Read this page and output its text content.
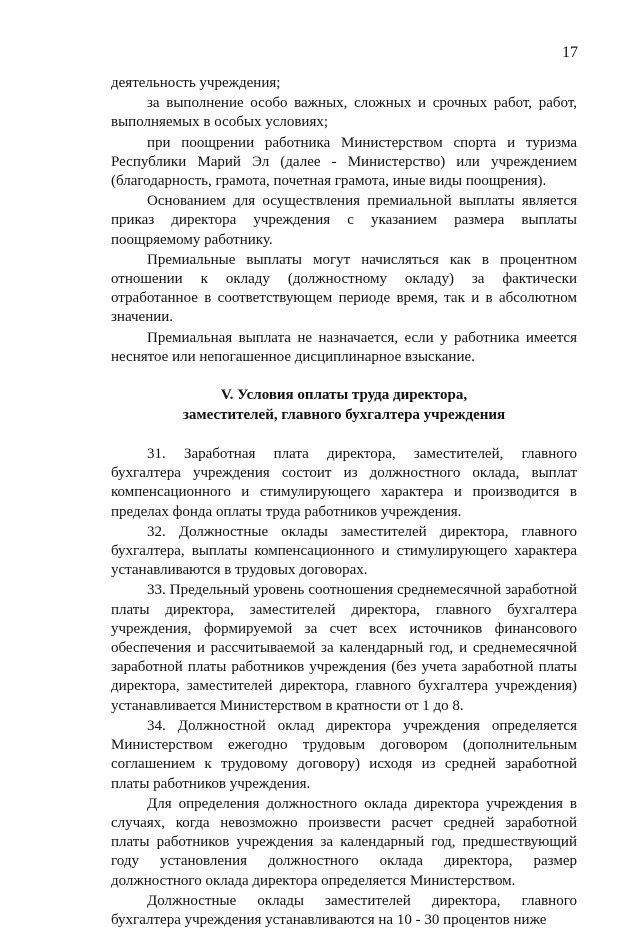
17

деятельность учреждения;

за выполнение особо важных, сложных и срочных работ, работ, выполняемых в особых условиях;

при поощрении работника Министерством спорта и туризма Республики Марий Эл (далее - Министерство) или учреждением (благодарность, грамота, почетная грамота, иные виды поощрения).

Основанием для осуществления премиальной выплаты является приказ директора учреждения с указанием размера выплаты поощряемому работнику.

Премиальные выплаты могут начисляться как в процентном отношении к окладу (должностному окладу) за фактически отработанное в соответствующем периоде время, так и в абсолютном значении.

Премиальная выплата не назначается, если у работника имеется неснятое или непогашенное дисциплинарное взыскание.

V. Условия оплаты труда директора,
заместителей, главного бухгалтера учреждения

31. Заработная плата директора, заместителей, главного бухгалтера учреждения состоит из должностного оклада, выплат компенсационного и стимулирующего характера и производится в пределах фонда оплаты труда работников учреждения.

32. Должностные оклады заместителей директора, главного бухгалтера, выплаты компенсационного и стимулирующего характера устанавливаются в трудовых договорах.

33. Предельный уровень соотношения среднемесячной заработной платы директора, заместителей директора, главного бухгалтера учреждения, формируемой за счет всех источников финансового обеспечения и рассчитываемой за календарный год, и среднемесячной заработной платы работников учреждения (без учета заработной платы директора, заместителей директора, главного бухгалтера учреждения) устанавливается Министерством в кратности от 1 до 8.

34. Должностной оклад директора учреждения определяется Министерством ежегодно трудовым договором (дополнительным соглашением к трудовому договору) исходя из средней заработной платы работников учреждения.

Для определения должностного оклада директора учреждения в случаях, когда невозможно произвести расчет средней заработной платы работников учреждения за календарный год, предшествующий году установления должностного оклада директора, размер должностного оклада директора определяется Министерством.

Должностные оклады заместителей директора, главного бухгалтера учреждения устанавливаются на 10 - 30 процентов ниже
